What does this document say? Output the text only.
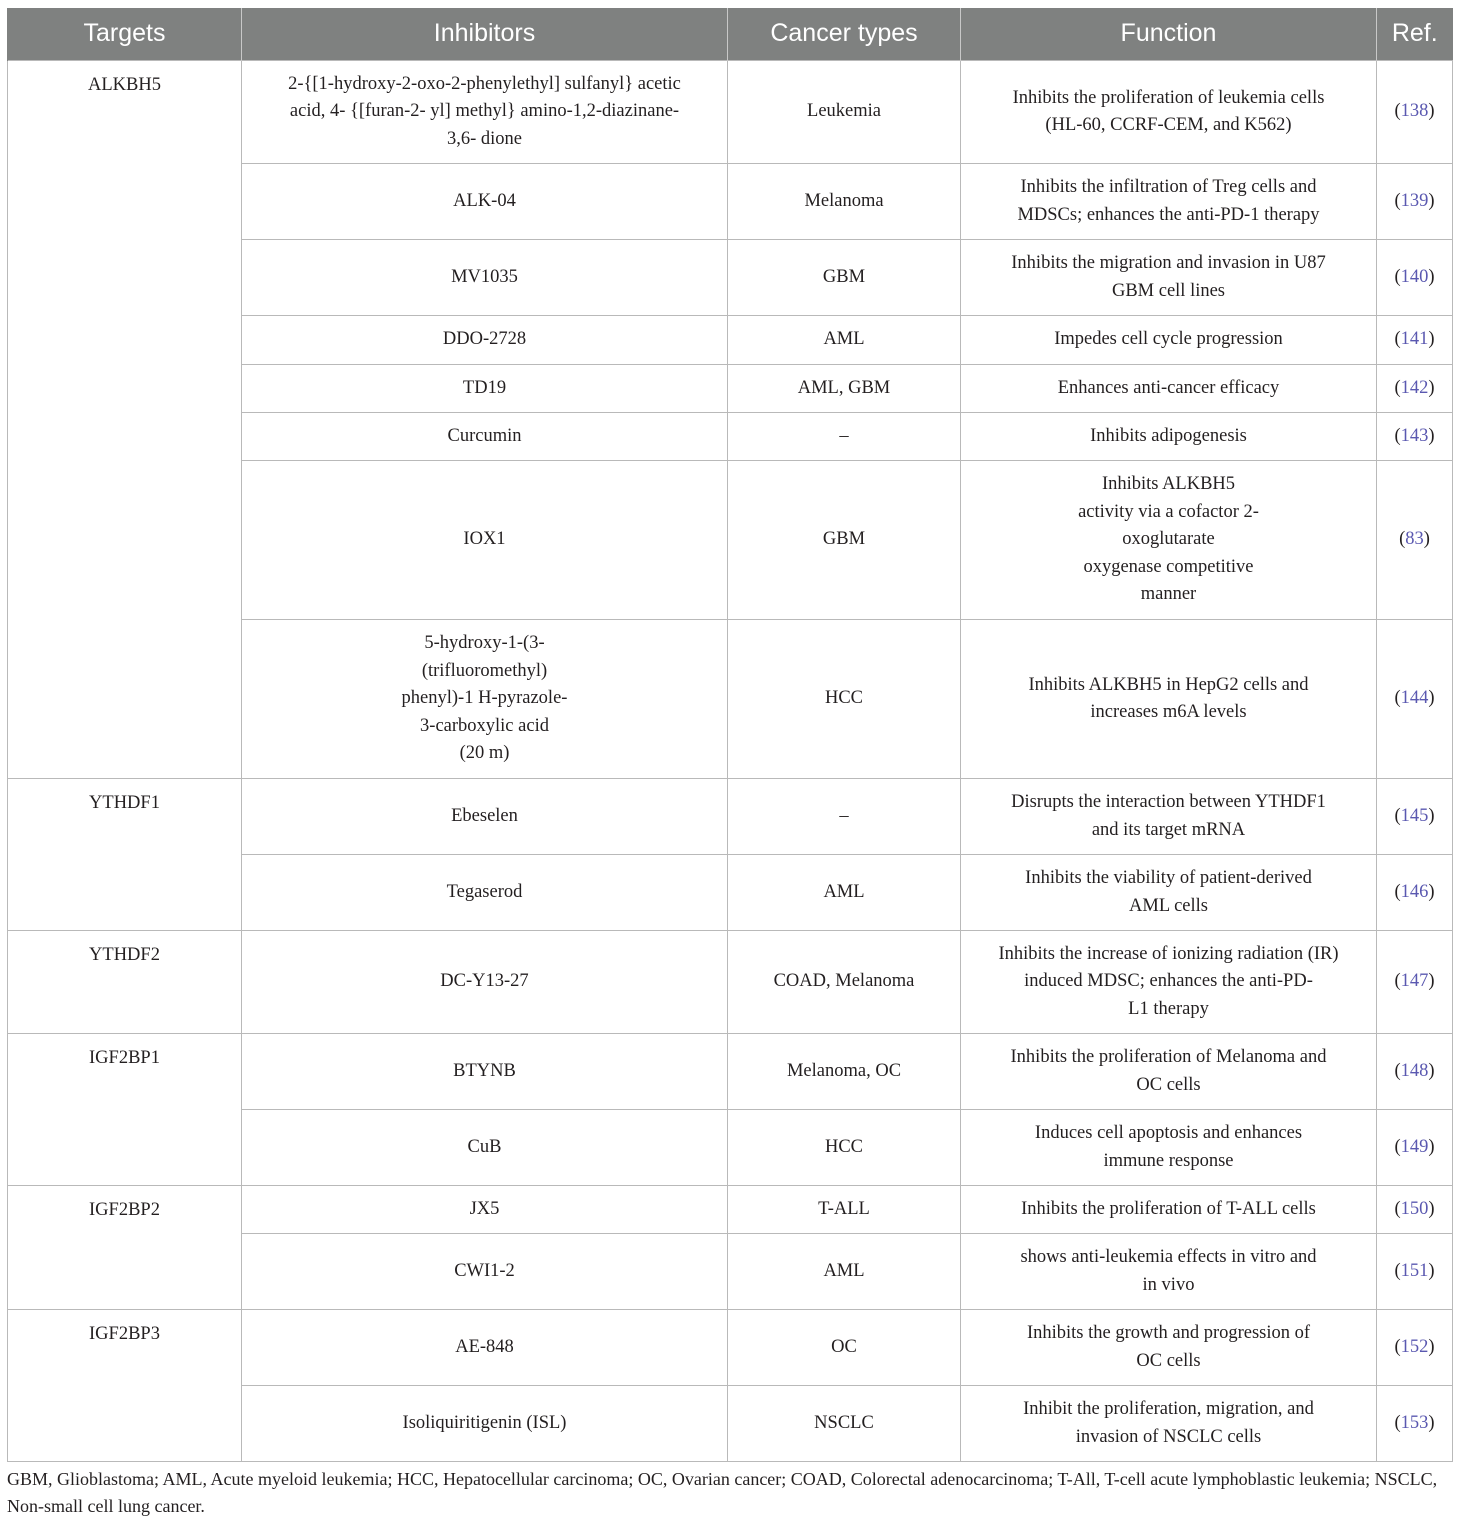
Targets	Inhibitors	Cancer types	Function	Ref.
ALKBH5	2-{[1-hydroxy-2-oxo-2-phenylethyl] sulfanyl} acetic
acid, 4- {[furan-2- yl] methyl} amino-1,2-diazinane-
3,6- dione	Leukemia	Inhibits the proliferation of leukemia cells
(HL-60, CCRF-CEM, and K562)	(138)
	ALK-04	Melanoma	Inhibits the infiltration of Treg cells and
MDSCs; enhances the anti-PD-1 therapy	(139)
	MV1035	GBM	Inhibits the migration and invasion in U87
GBM cell lines	(140)
	DDO-2728	AML	Impedes cell cycle progression	(141)
	TD19	AML, GBM	Enhances anti-cancer efficacy	(142)
	Curcumin	–	Inhibits adipogenesis	(143)
	IOX1	GBM	Inhibits ALKBH5
activity via a cofactor 2-
oxoglutarate
oxygenase competitive
manner	(83)
	5-hydroxy-1-(3-
(trifluoromethyl)
phenyl)-1 H-pyrazole-
3-carboxylic acid
(20 m)	HCC	Inhibits ALKBH5 in HepG2 cells and
increases m6A levels	(144)
YTHDF1	Ebeselen	–	Disrupts the interaction between YTHDF1
and its target mRNA	(145)
	Tegaserod	AML	Inhibits the viability of patient-derived
AML cells	(146)
YTHDF2	DC-Y13-27	COAD, Melanoma	Inhibits the increase of ionizing radiation (IR)
induced MDSC; enhances the anti-PD-
L1 therapy	(147)
IGF2BP1	BTYNB	Melanoma, OC	Inhibits the proliferation of Melanoma and
OC cells	(148)
	CuB	HCC	Induces cell apoptosis and enhances
immune response	(149)
IGF2BP2	JX5	T-ALL	Inhibits the proliferation of T-ALL cells	(150)
	CWI1-2	AML	shows anti-leukemia effects in vitro and
in vivo	(151)
IGF2BP3	AE-848	OC	Inhibits the growth and progression of
OC cells	(152)
	Isoliquiritigenin (ISL)	NSCLC	Inhibit the proliferation, migration, and
invasion of NSCLC cells	(153)
GBM, Glioblastoma; AML, Acute myeloid leukemia; HCC, Hepatocellular carcinoma; OC, Ovarian cancer; COAD, Colorectal adenocarcinoma; T-All, T-cell acute lymphoblastic leukemia; NSCLC, Non-small cell lung cancer.
